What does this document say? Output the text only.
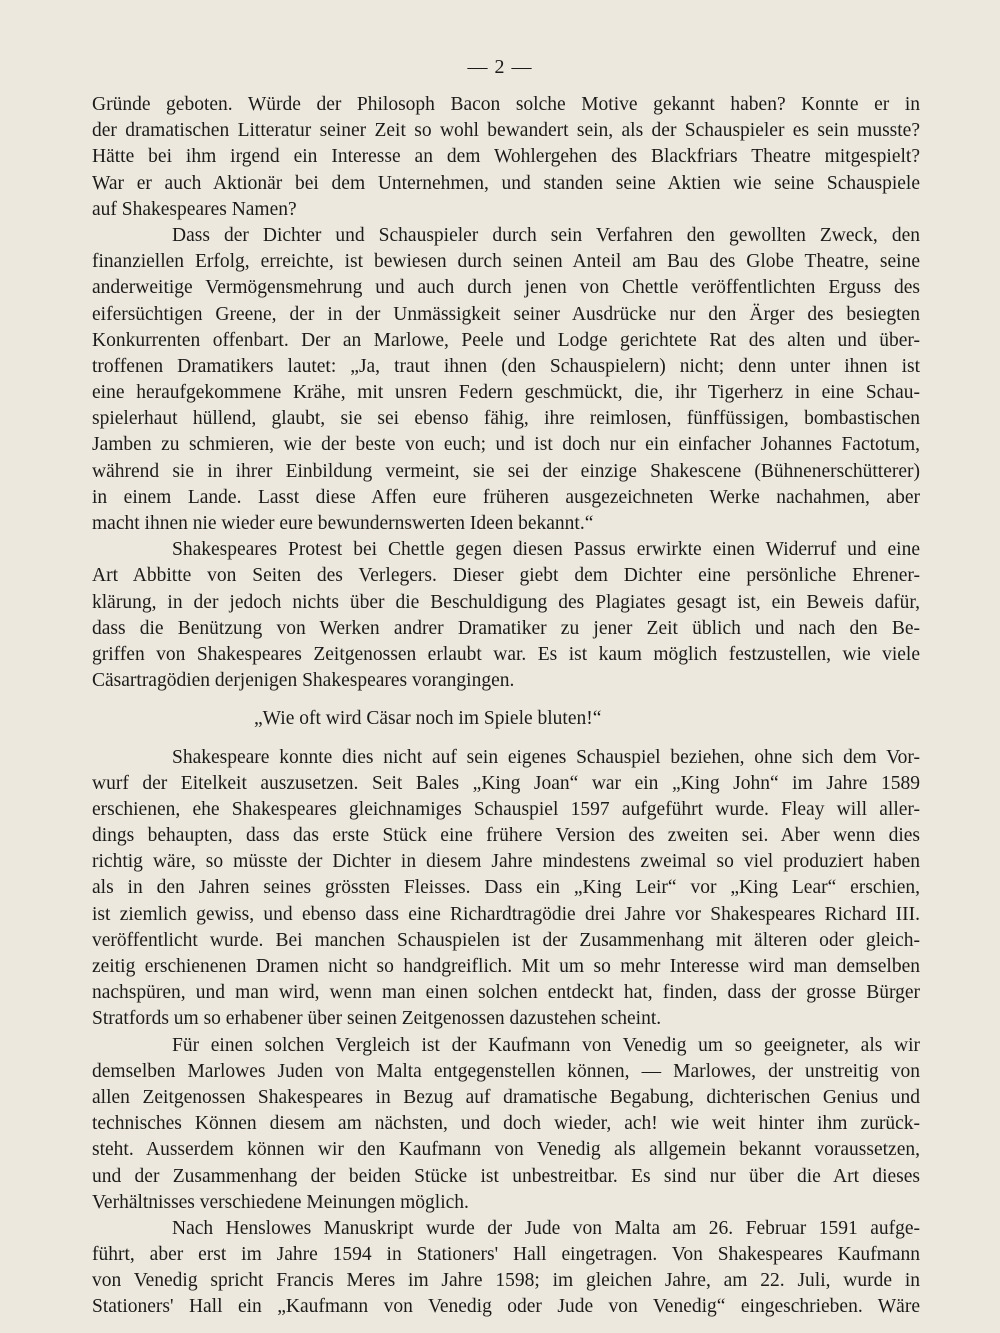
— 2 —
Gründe geboten. Würde der Philosoph Bacon solche Motive gekannt haben? Konnte er in
der dramatischen Litteratur seiner Zeit so wohl bewandert sein, als der Schauspieler es sein musste?
Hätte bei ihm irgend ein Interesse an dem Wohlergehen des Blackfriars Theatre mitgespielt?
War er auch Aktionär bei dem Unternehmen, und standen seine Aktien wie seine Schauspiele
auf Shakespeares Namen?
Dass der Dichter und Schauspieler durch sein Verfahren den gewollten Zweck, den
finanziellen Erfolg, erreichte, ist bewiesen durch seinen Anteil am Bau des Globe Theatre, seine
anderweitige Vermögensmehrung und auch durch jenen von Chettle veröffentlichten Erguss des
eifersüchtigen Greene, der in der Unmässigkeit seiner Ausdrücke nur den Ärger des besiegten
Konkurrenten offenbart. Der an Marlowe, Peele und Lodge gerichtete Rat des alten und über-
troffenen Dramatikers lautet: „Ja, traut ihnen (den Schauspielern) nicht; denn unter ihnen ist
eine heraufgekommene Krähe, mit unsren Federn geschmückt, die, ihr Tigerherz in eine Schau-
spielerhaut hüllend, glaubt, sie sei ebenso fähig, ihre reimlosen, fünffüssigen, bombastischen
Jamben zu schmieren, wie der beste von euch; und ist doch nur ein einfacher Johannes Factotum,
während sie in ihrer Einbildung vermeint, sie sei der einzige Shakescene (Bühnenerschütterer)
in einem Lande. Lasst diese Affen eure früheren ausgezeichneten Werke nachahmen, aber
macht ihnen nie wieder eure bewundernswerten Ideen bekannt.“
Shakespeares Protest bei Chettle gegen diesen Passus erwirkte einen Widerruf und eine
Art Abbitte von Seiten des Verlegers. Dieser giebt dem Dichter eine persönliche Ehrener-
klärung, in der jedoch nichts über die Beschuldigung des Plagiates gesagt ist, ein Beweis dafür,
dass die Benützung von Werken andrer Dramatiker zu jener Zeit üblich und nach den Be-
griffen von Shakespeares Zeitgenossen erlaubt war. Es ist kaum möglich festzustellen, wie viele
Cäsartragödien derjenigen Shakespeares vorangingen.
„Wie oft wird Cäsar noch im Spiele bluten!“
Shakespeare konnte dies nicht auf sein eigenes Schauspiel beziehen, ohne sich dem Vor-
wurf der Eitelkeit auszusetzen. Seit Bales „King Joan“ war ein „King John“ im Jahre 1589
erschienen, ehe Shakespeares gleichnamiges Schauspiel 1597 aufgeführt wurde. Fleay will aller-
dings behaupten, dass das erste Stück eine frühere Version des zweiten sei. Aber wenn dies
richtig wäre, so müsste der Dichter in diesem Jahre mindestens zweimal so viel produziert haben
als in den Jahren seines grössten Fleisses. Dass ein „King Leir“ vor „King Lear“ erschien,
ist ziemlich gewiss, und ebenso dass eine Richardtragödie drei Jahre vor Shakespeares Richard III.
veröffentlicht wurde. Bei manchen Schauspielen ist der Zusammenhang mit älteren oder gleich-
zeitig erschienenen Dramen nicht so handgreiflich. Mit um so mehr Interesse wird man demselben
nachspüren, und man wird, wenn man einen solchen entdeckt hat, finden, dass der grosse Bürger
Stratfords um so erhabener über seinen Zeitgenossen dazustehen scheint.
Für einen solchen Vergleich ist der Kaufmann von Venedig um so geeigneter, als wir
demselben Marlowes Juden von Malta entgegenstellen können, — Marlowes, der unstreitig von
allen Zeitgenossen Shakespeares in Bezug auf dramatische Begabung, dichterischen Genius und
technisches Können diesem am nächsten, und doch wieder, ach! wie weit hinter ihm zurück-
steht. Ausserdem können wir den Kaufmann von Venedig als allgemein bekannt voraussetzen,
und der Zusammenhang der beiden Stücke ist unbestreitbar. Es sind nur über die Art dieses
Verhältnisses verschiedene Meinungen möglich.
Nach Henslowes Manuskript wurde der Jude von Malta am 26. Februar 1591 aufge-
führt, aber erst im Jahre 1594 in Stationers' Hall eingetragen. Von Shakespeares Kaufmann
von Venedig spricht Francis Meres im Jahre 1598; im gleichen Jahre, am 22. Juli, wurde in
Stationers' Hall ein „Kaufmann von Venedig oder Jude von Venedig“ eingeschrieben. Wäre
